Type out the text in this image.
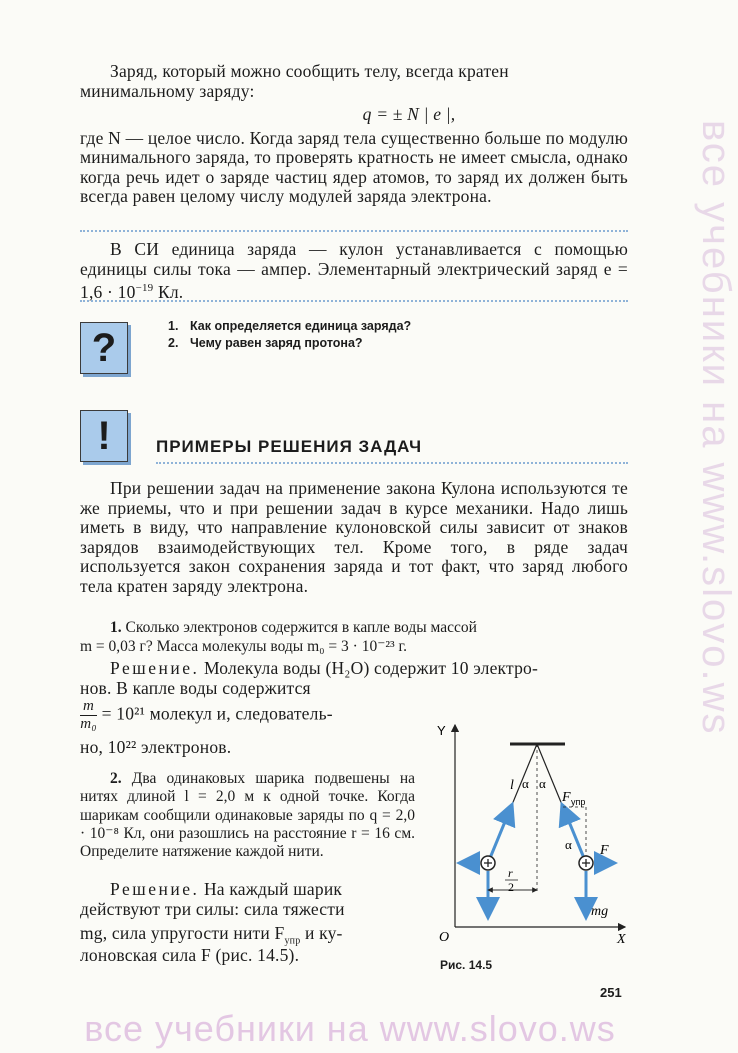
все учебники на www.slovo.ws
все учебники на www.slovo.ws
Заряд, который можно сообщить телу, всегда кратен
минимальному заряду:
q = ± N | e |,
где N — целое число. Когда заряд тела существенно больше по модулю минимального заряда, то проверять кратность не имеет смысла, однако когда речь идет о заряде частиц ядер атомов, то заряд их должен быть всегда равен целому числу модулей заряда электрона.
В СИ единица заряда — кулон устанавливается с помощью единицы силы тока — ампер. Элементарный электрический заряд $e = 1,6 \cdot 10^{-19}$ Кл.
?	1. Как определяется единица заряда?
2. Чему равен заряд протона?
!	ПРИМЕРЫ РЕШЕНИЯ ЗАДАЧ
При решении задач на применение закона Кулона используются те же приемы, что и при решении задач в курсе механики. Надо лишь иметь в виду, что направление кулоновской силы зависит от знаков зарядов взаимодействующих тел. Кроме того, в ряде задач используется закон сохранения заряда и тот факт, что заряд любого тела кратен заряду электрона.
1. Сколько электронов содержится в капле воды массой
m = 0,03 г? Масса молекулы воды m₀ = 3 · 10⁻²³ г.
Решение. Молекула воды (H₂O) содержит 10 электро-
нов. В капле воды содержится
$\frac{m}{\text{m₀}} = 10^{21}$ молекул и, следователь-
но, 10²² электронов.
2. Два одинаковых шарика подвешены на нитях длиной l = 2,0 м к одной точке. Когда шарикам сообщили одинаковые заряды по q = 2,0 · 10⁻⁸ Кл, они разошлись на расстояние r = 16 см. Определите натяжение каждой нити.
Решение. На каждый шарик
действуют три силы: сила тяжести
mg, сила упругости нити $F_{упр}$ и ку-
лоновская сила F (рис. 14.5).
Y
X
O
r
2
l α α
α
F упр
F
mg
Рис. 14.5
251
